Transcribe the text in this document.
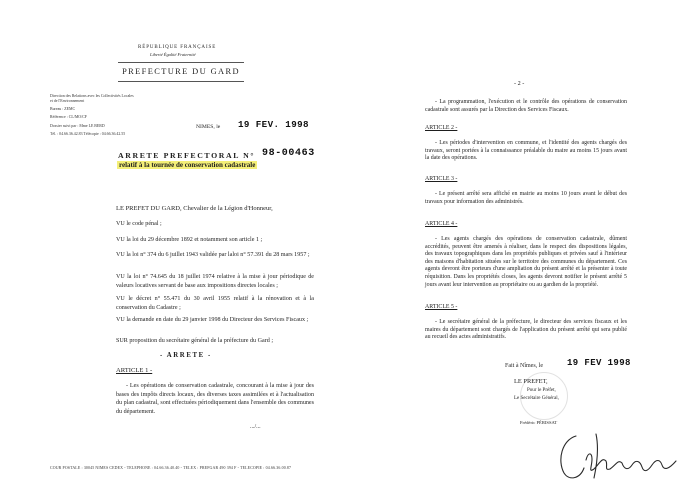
RÉPUBLIQUE FRANÇAISE
Liberté Égalité Fraternité
PREFECTURE DU GARD
Direction des Relations avec les Collectivités Locales
et de l'Environnement
Bureau : ZEMC
Référence : CL/MO/CF
Dossier suivi par : Mme LE BERD
Tél. : 04.66.36.42.83 Télécopie : 04.66.36.42.55
NIMES, le 19 FEV. 1998
ARRETE PREFECTORAL N° 98-00463
relatif à la tournée de conservation cadastrale
LE PREFET DU GARD, Chevalier de la Légion d'Honneur,
VU le code pénal ;
VU la loi du 29 décembre 1892 et notamment son article 1 ;
VU la loi n° 374 du 6 juillet 1943 validée par laloi n° 57.391 du 28 mars 1957 ;
VU la loi n° 74.645 du 18 juillet 1974 relative à la mise à jour périodique de valeurs locatives servant de base aux impositions directes locales ;
VU le décret n° 55.471 du 30 avril 1955 relatif à la rénovation et à la conservation du Cadastre ;
VU la demande en date du 29 janvier 1998 du Directeur des Services Fiscaux ;
SUR proposition du secrétaire général de la préfecture du Gard ;
- ARRETE -
ARTICLE 1 -
- Les opérations de conservation cadastrale, concourant à la mise à jour des bases des impôts directs locaux, des diverses taxes assimilées et à l'actualisation du plan cadastral, sont effectuées périodiquement dans l'ensemble des communes du département.
.../...
COUR POSTALE : 30045 NIMES CEDEX - TELEPHONE : 04.66.36.40.40 - TELEX : PREFGAR 490 394 F - TELECOPIE : 04.66.36.00.87
- 2 -
- La programmation, l'exécution et le contrôle des opérations de conservation cadastrale sont assurés par la Direction des Services Fiscaux.
ARTICLE 2 -
- Les périodes d'intervention en commune, et l'identité des agents chargés des travaux, seront portées à la connaissance préalable du maire au moins 15 jours avant la date des opérations.
ARTICLE 3 -
- Le présent arrêté sera affiché en mairie au moins 10 jours avant le début des travaux pour information des administrés.
ARTICLE 4 -
- Les agents chargés des opérations de conservation cadastrale, dûment accrédités, peuvent être amenés à réaliser, dans le respect des dispositions légales, des travaux topographiques dans les propriétés publiques et privées sauf à l'intérieur des maisons d'habitation situées sur le territoire des communes du département. Ces agents devront être porteurs d'une ampliation du présent arrêté et la présenter à toute réquisition. Dans les propriétés closes, les agents devront notifier le présent arrêté 5 jours avant leur intervention au propriétaire ou au gardien de la propriété.
ARTICLE 5 -
- Le secrétaire général de la préfecture, le directeur des services fiscaux et les maires du département sont chargés de l'application du présent arrêté qui sera publié au recueil des actes administratifs.
Fait à Nîmes, le	19 FEV 1998
LE PREFET,
Pour le Préfet,
Le Secrétaire Général,
Frédéric PÉRISSAT
